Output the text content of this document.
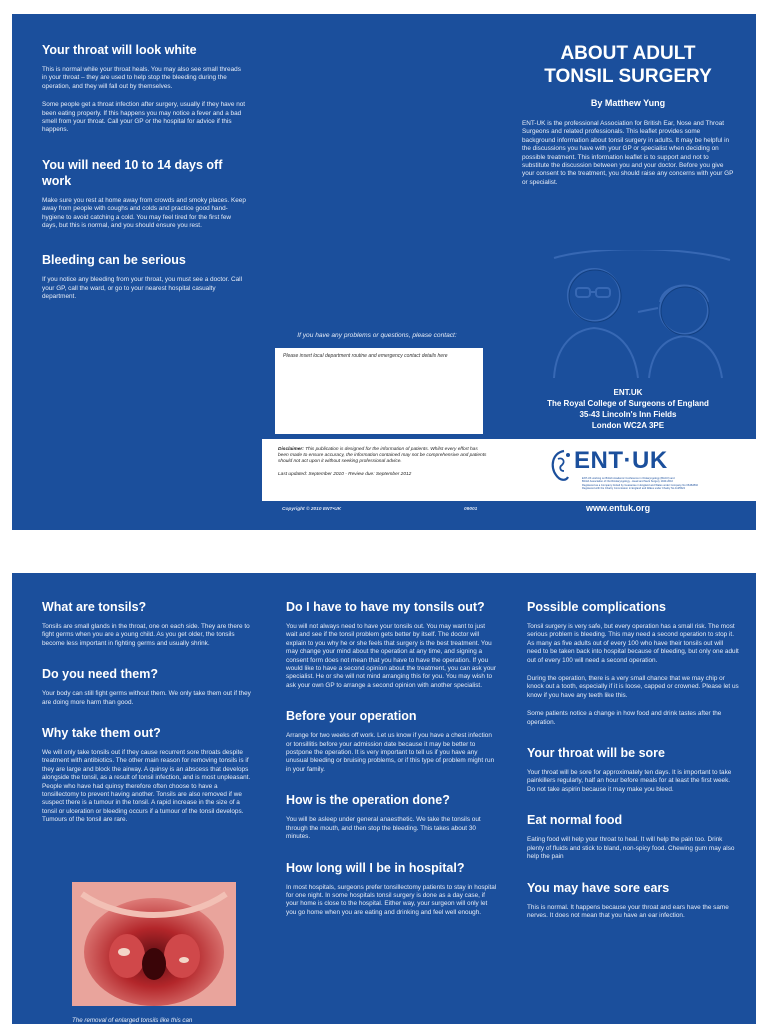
Your throat will look white

This is normal while your throat heals. You may also see small threads in your throat – they are used to help stop the bleeding during the operation, and they will fall out by themselves.

Some people get a throat infection after surgery, usually if they have not been eating properly. If this happens you may notice a fever and a bad smell from your throat. Call your GP or the hospital for advice if this happens.

You will need 10 to 14 days off work

Make sure you rest at home away from crowds and smoky places. Keep away from people with coughs and colds and practice good hand-hygiene to avoid catching a cold. You may feel tired for the first few days, but this is normal, and you should ensure you rest.

Bleeding can be serious

If you notice any bleeding from your throat, you must see a doctor. Call your GP, call the ward, or go to your nearest hospital casualty department.

If you have any problems or questions, please contact:
Please insert local department routine and emergency contact details here

Disclaimer: This publication is designed for the information of patients. Whilst every effort has been made to ensure accuracy, the information contained may not be comprehensive and patients should not act upon it without seeking professional advice.

Last updated: September 2010 - Review due: September 2012

ENT·UK
ENT-UK working on British Academic Conference in Otolaryngology (BACO) and
British Association of Otorhinolaryngology - Head and Neck Surgery 1943-2010
Registered as a Company limited by Guarantee in England and Wales under Company No 06452802
Registered with the Charity Commission in England and Wales under Charity No 1125524
Copyright © 2010 ENT•UK	09001
ABOUT ADULT
TONSIL SURGERY
By Matthew Yung

ENT-UK is the professional Association for British Ear, Nose and Throat Surgeons and related professionals. This leaflet provides some background information about tonsil surgery in adults. It may be helpful in the discussions you have with your GP or specialist when deciding on possible treatment. This information leaflet is to support and not to substitute the discussion between you and your doctor. Before you give your consent to the treatment, you should raise any concerns with your GP or specialist.

ENT.UK
The Royal College of Surgeons of England
35-43 Lincoln's Inn Fields
London WC2A 3PE
www.entuk.org
What are tonsils?

Tonsils are small glands in the throat, one on each side. They are there to fight germs when you are a young child. As you get older, the tonsils become less important in fighting germs and usually shrink.

Do you need them?

Your body can still fight germs without them. We only take them out if they are doing more harm than good.

Why take them out?

We will only take tonsils out if they cause recurrent sore throats despite treatment with antibiotics. The other main reason for removing tonsils is if they are large and block the airway. A quinsy is an abscess that develops alongside the tonsil, as a result of tonsil infection, and is most unpleasant. People who have had quinsy therefore often choose to have a tonsillectomy to prevent having another. Tonsils are also removed if we suspect there is a tumour in the tonsil. A rapid increase in the size of a tonsil or ulceration or bleeding occurs if a tumour of the tonsil develops. Tumours of the tonsil are rare.

The removal of enlarged tonsils like this can
Do I have to have my tonsils out?

You will not always need to have your tonsils out. You may want to just wait and see if the tonsil problem gets better by itself. The doctor will explain to you why he or she feels that surgery is the best treatment. You may change your mind about the operation at any time, and signing a consent form does not mean that you have to have the operation. If you would like to have a second opinion about the treatment, you can ask your specialist. He or she will not mind arranging this for you. You may wish to ask your own GP to arrange a second opinion with another specialist.

Before your operation

Arrange for two weeks off work. Let us know if you have a chest infection or tonsillitis before your admission date because it may be better to postpone the operation. It is very important to tell us if you have any unusual bleeding or bruising problems, or if this type of problem might run in your family.

How is the operation done?

You will be asleep under general anaesthetic. We take the tonsils out through the mouth, and then stop the bleeding. This takes about 30 minutes.

How long will I be in hospital?

In most hospitals, surgeons prefer tonsillectomy patients to stay in hospital for one night. In some hospitals tonsil surgery is done as a day case, if your home is close to the hospital. Either way, your surgeon will only let you go home when you are eating and drinking and feel well enough.

Possible complications

Tonsil surgery is very safe, but every operation has a small risk. The most serious problem is bleeding. This may need a second operation to stop it. As many as five adults out of every 100 who have their tonsils out will need to be taken back into hospital because of bleeding, but only one adult out of every 100 will need a second operation.

During the operation, there is a very small chance that we may chip or knock out a tooth, especially if it is loose, capped or crowned. Please let us know if you have any teeth like this.

Some patients notice a change in how food and drink tastes after the operation.

Your throat will be sore

Your throat will be sore for approximately ten days. It is important to take painkillers regularly, half an hour before meals for at least the first week. Do not take aspirin because it may make you bleed.

Eat normal food

Eating food will help your throat to heal. It will help the pain too. Drink plenty of fluids and stick to bland, non-spicy food. Chewing gum may also help the pain

You may have sore ears

This is normal. It happens because your throat and ears have the same nerves. It does not mean that you have an ear infection.
